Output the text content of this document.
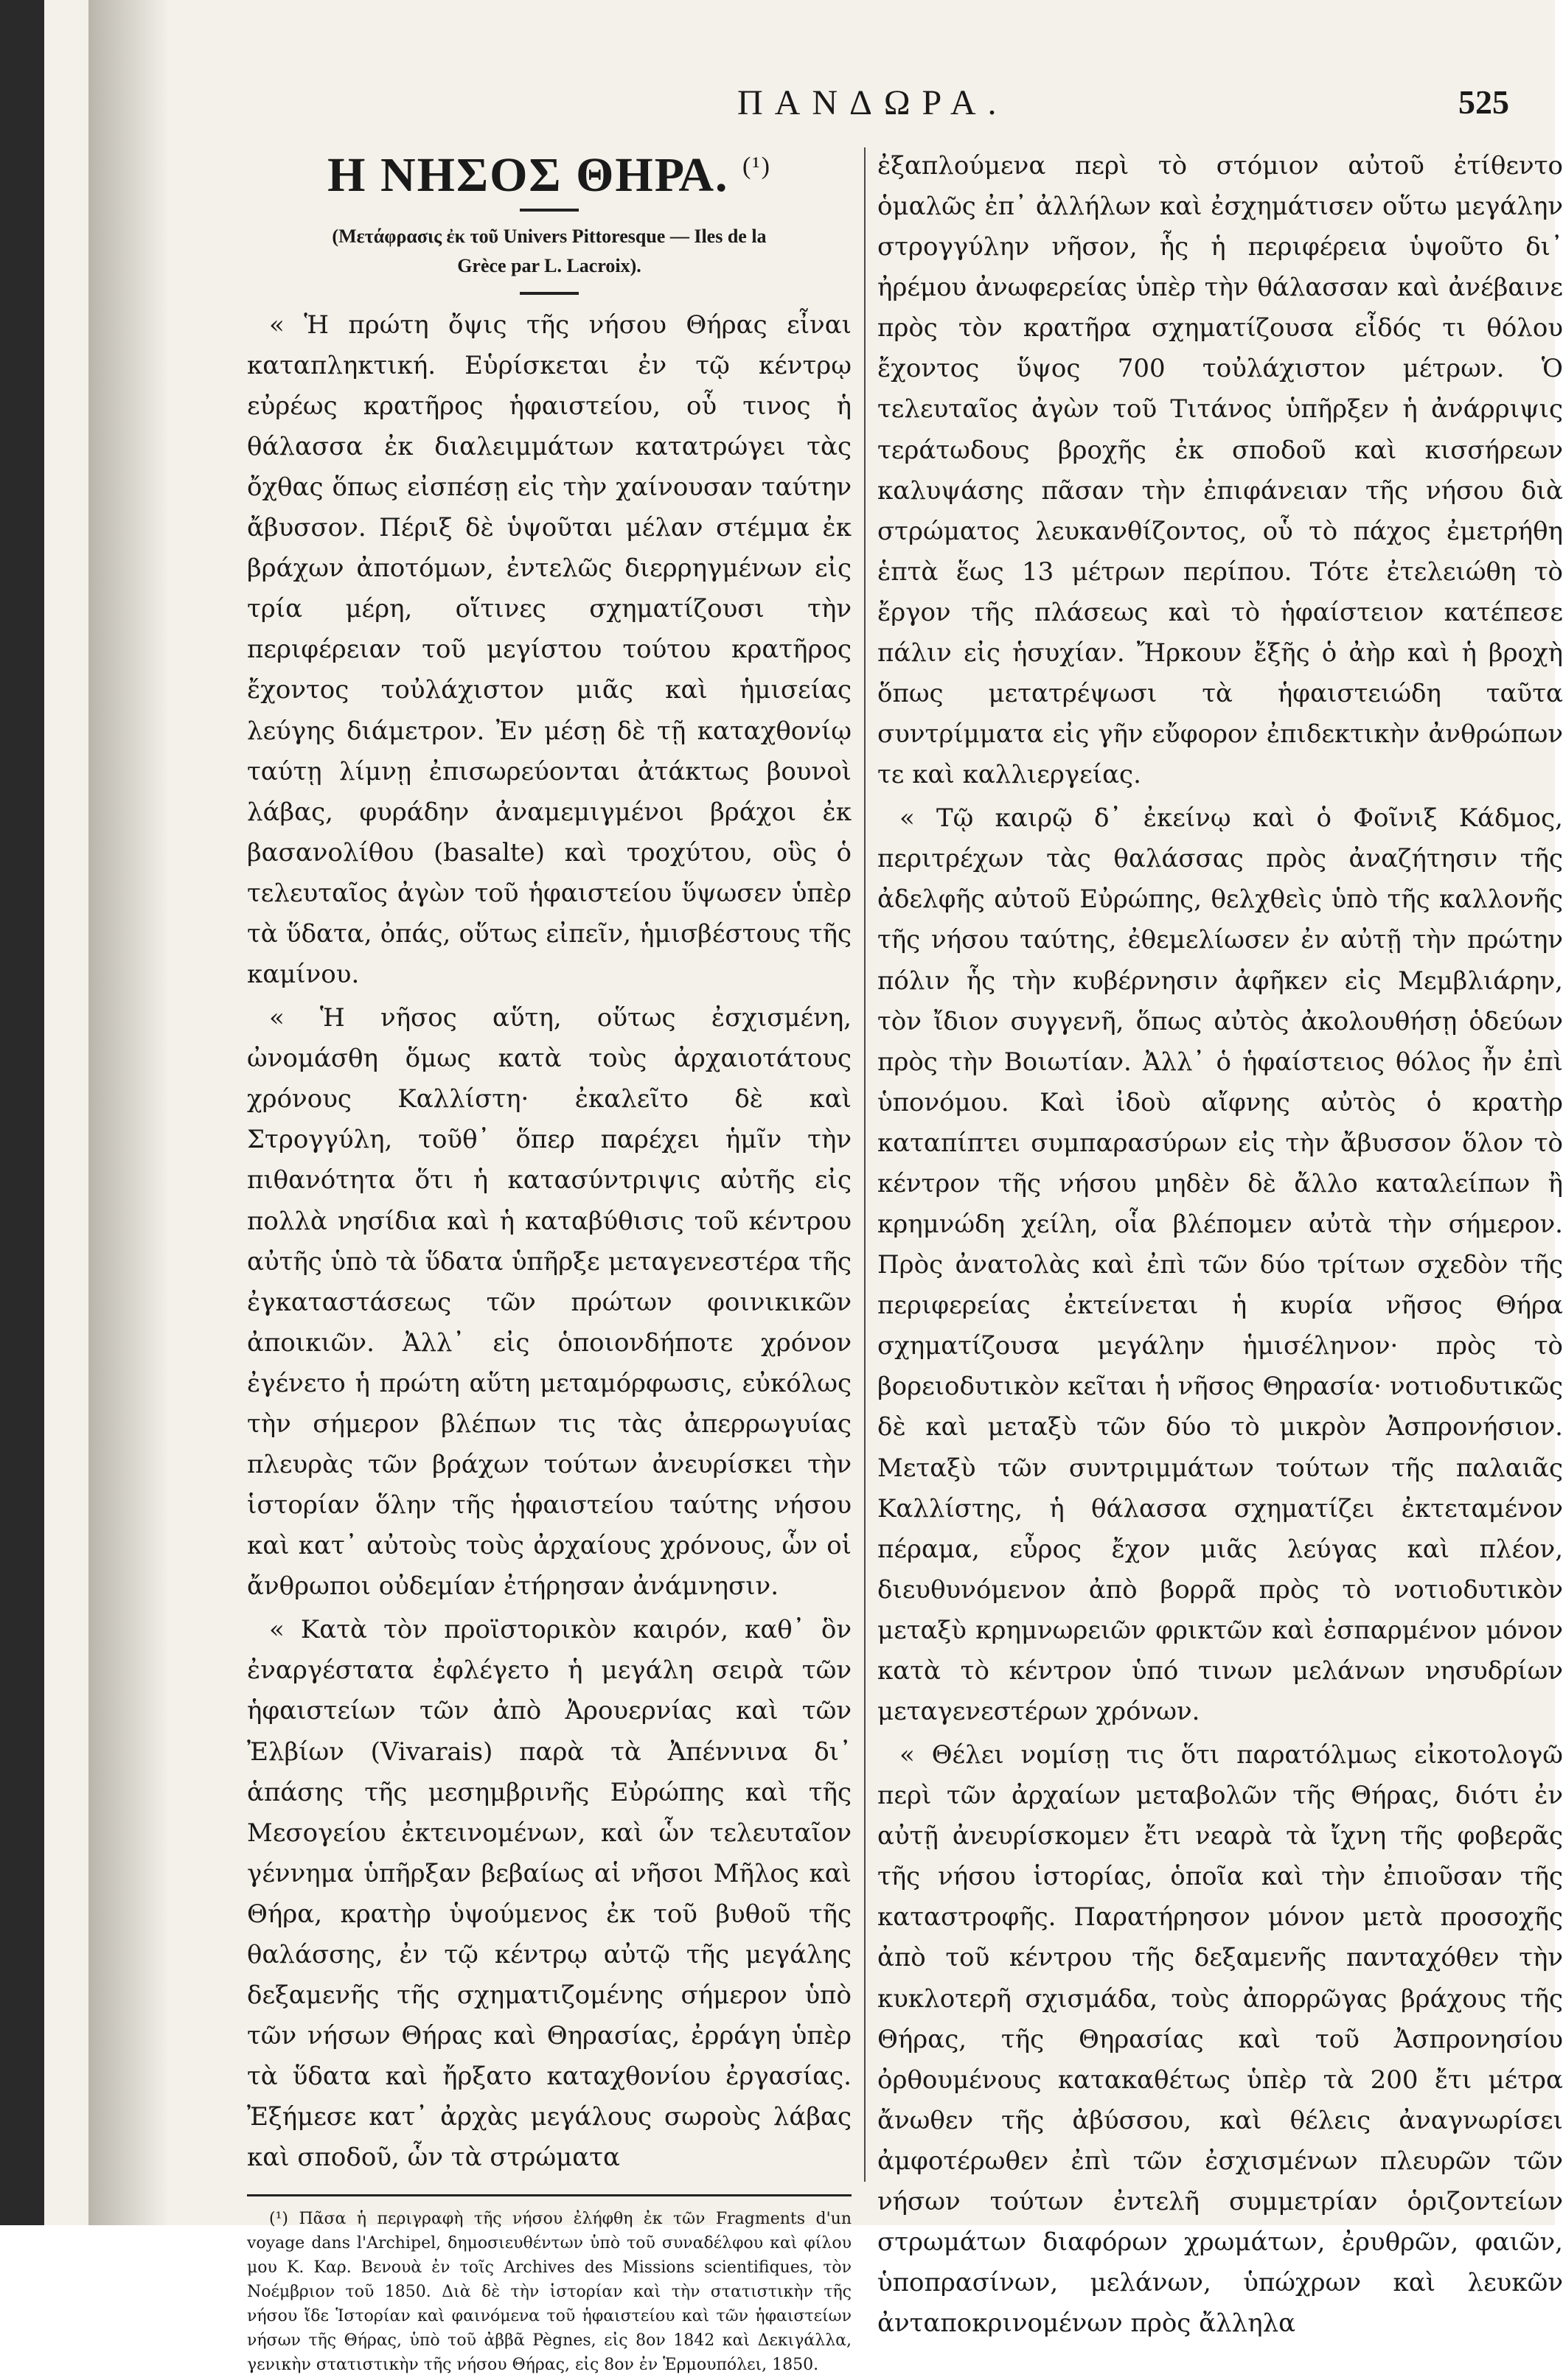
ΠΑΝΔΩΡΑ.	525
Η ΝΗΣΟΣ ΘΗΡΑ. $^{(^1)}$
(Μετάφρασις ἐκ τοῦ Univers Pittoresque — Iles de la
Grèce par L. Lacroix).

« Ἡ πρώτη ὄψις τῆς νήσου Θήρας εἶναι καταπληκτική. Εὑρίσκεται ἐν τῷ κέντρῳ εὐρέως κρατῆρος ἡφαιστείου, οὗ τινος ἡ θάλασσα ἐκ διαλειμμάτων κατατρώγει τὰς ὄχθας ὅπως εἰσπέσῃ εἰς τὴν χαίνουσαν ταύτην ἄβυσσον. Πέριξ δὲ ὑψοῦται μέλαν στέμμα ἐκ βράχων ἀποτόμων, ἐντελῶς διερρηγμένων εἰς τρία μέρη, οἵτινες σχηματίζουσι τὴν περιφέρειαν τοῦ μεγίστου τούτου κρατῆρος ἔχοντος τοὐλάχιστον μιᾶς καὶ ἡμισείας λεύγης διάμετρον. Ἐν μέσῃ δὲ τῇ καταχθονίῳ ταύτῃ λίμνῃ ἐπισωρεύονται ἀτάκτως βουνοὶ λάβας, φυράδην ἀναμεμιγμένοι βράχοι ἐκ βασανολίθου (basalte) καὶ τροχύτου, οὓς ὁ τελευταῖος ἀγὼν τοῦ ἡφαιστείου ὕψωσεν ὑπὲρ τὰ ὕδατα, ὀπάς, οὕτως εἰπεῖν, ἡμισβέστους τῆς καμίνου.

« Ἡ νῆσος αὕτη, οὕτως ἐσχισμένη, ὠνομάσθη ὅμως κατὰ τοὺς ἀρχαιοτάτους χρόνους Καλλίστη· ἐκαλεῖτο δὲ καὶ Στρογγύλη, τοῦθ᾽ ὅπερ παρέχει ἡμῖν τὴν πιθανότητα ὅτι ἡ κατασύντριψις αὐτῆς εἰς πολλὰ νησίδια καὶ ἡ καταβύθισις τοῦ κέντρου αὐτῆς ὑπὸ τὰ ὕδατα ὑπῆρξε μεταγενεστέρα τῆς ἐγκαταστάσεως τῶν πρώτων φοινικικῶν ἀποικιῶν. Ἀλλ᾽ εἰς ὁποιονδήποτε χρόνον ἐγένετο ἡ πρώτη αὕτη μεταμόρφωσις, εὐκόλως τὴν σήμερον βλέπων τις τὰς ἀπερρωγυίας πλευρὰς τῶν βράχων τούτων ἀνευρίσκει τὴν ἱστορίαν ὅλην τῆς ἡφαιστείου ταύτης νήσου καὶ κατ᾽ αὐτοὺς τοὺς ἀρχαίους χρόνους, ὧν οἱ ἄνθρωποι οὐδεμίαν ἐτήρησαν ἀνάμνησιν.

« Κατὰ τὸν προϊστορικὸν καιρόν, καθ᾽ ὃν ἐναργέστατα ἐφλέγετο ἡ μεγάλη σειρὰ τῶν ἡφαιστείων τῶν ἀπὸ Ἀρουερνίας καὶ τῶν Ἐλβίων (Vivarais) παρὰ τὰ Ἀπέννινα δι᾽ ἁπάσης τῆς μεσημβρινῆς Εὐρώπης καὶ τῆς Μεσογείου ἐκτεινομένων, καὶ ὧν τελευταῖον γέννημα ὑπῆρξαν βεβαίως αἱ νῆσοι Μῆλος καὶ Θήρα, κρατὴρ ὑψούμενος ἐκ τοῦ βυθοῦ τῆς θαλάσσης, ἐν τῷ κέντρῳ αὐτῷ τῆς μεγάλης δεξαμενῆς τῆς σχηματιζομένης σήμερον ὑπὸ τῶν νήσων Θήρας καὶ Θηρασίας, ἐρράγη ὑπὲρ τὰ ὕδατα καὶ ἤρξατο καταχθονίου ἐργασίας. Ἐξήμεσε κατ᾽ ἀρχὰς μεγάλους σωροὺς λάβας καὶ σποδοῦ, ὧν τὰ στρώματα

(¹) Πᾶσα ἡ περιγραφὴ τῆς νήσου ἐλήφθη ἐκ τῶν Fragments d'un voyage dans l'Archipel, δημοσιευθέντων ὑπὸ τοῦ συναδέλφου καὶ φίλου μου Κ. Καρ. Βενουὰ ἐν τοῖς Archives des Missions scientifiques, τὸν Νοέμβριον τοῦ 1850. Διὰ δὲ τὴν ἱστορίαν καὶ τὴν στατιστικὴν τῆς νήσου ἴδε Ἱστορίαν καὶ φαινόμενα τοῦ ἡφαιστείου καὶ τῶν ἡφαιστείων νήσων τῆς Θήρας, ὑπὸ τοῦ ἀββᾶ Pègnes, εἰς 8ον 1842 καὶ Δεκιγάλλα, γενικὴν στατιστικὴν τῆς νήσου Θήρας, εἰς 8ον ἐν Ἑρμουπόλει, 1850.

ἐξαπλούμενα περὶ τὸ στόμιον αὐτοῦ ἐτίθεντο ὁμαλῶς ἐπ᾽ ἀλλήλων καὶ ἐσχημάτισεν οὕτω μεγάλην στρογγύλην νῆσον, ἧς ἡ περιφέρεια ὑψοῦτο δι᾽ ἠρέμου ἀνωφερείας ὑπὲρ τὴν θάλασσαν καὶ ἀνέβαινε πρὸς τὸν κρατῆρα σχηματίζουσα εἶδός τι θόλου ἔχοντος ὕψος 700 τοὐλάχιστον μέτρων. Ὁ τελευταῖος ἀγὼν τοῦ Τιτάνος ὑπῆρξεν ἡ ἀνάρριψις τεράτωδους βροχῆς ἐκ σποδοῦ καὶ κισσήρεων καλυψάσης πᾶσαν τὴν ἐπιφάνειαν τῆς νήσου διὰ στρώματος λευκανθίζοντος, οὗ τὸ πάχος ἐμετρήθη ἑπτὰ ἕως 13 μέτρων περίπου. Τότε ἐτελειώθη τὸ ἔργον τῆς πλάσεως καὶ τὸ ἡφαίστειον κατέπεσε πάλιν εἰς ἡσυχίαν. Ἤρκουν ἔξῆς ὁ ἀὴρ καὶ ἡ βροχὴ ὅπως μετατρέψωσι τὰ ἡφαιστειώδη ταῦτα συντρίμματα εἰς γῆν εὔφορον ἐπιδεκτικὴν ἀνθρώπων τε καὶ καλλιεργείας.

« Τῷ καιρῷ δ᾽ ἐκείνῳ καὶ ὁ Φοῖνιξ Κάδμος, περιτρέχων τὰς θαλάσσας πρὸς ἀναζήτησιν τῆς ἀδελφῆς αὐτοῦ Εὐρώπης, θελχθεὶς ὑπὸ τῆς καλλονῆς τῆς νήσου ταύτης, ἐθεμελίωσεν ἐν αὐτῇ τὴν πρώτην πόλιν ἧς τὴν κυβέρνησιν ἀφῆκεν εἰς Μεμβλιάρην, τὸν ἴδιον συγγενῆ, ὅπως αὐτὸς ἀκολουθήσῃ ὁδεύων πρὸς τὴν Βοιωτίαν. Ἀλλ᾽ ὁ ἡφαίστειος θόλος ἦν ἐπὶ ὑπονόμου. Καὶ ἰδοὺ αἴφνης αὐτὸς ὁ κρατὴρ καταπίπτει συμπαρασύρων εἰς τὴν ἄβυσσον ὅλον τὸ κέντρον τῆς νήσου μηδὲν δὲ ἄλλο καταλείπων ἢ κρημνώδη χείλη, οἷα βλέπομεν αὐτὰ τὴν σήμερον. Πρὸς ἀνατολὰς καὶ ἐπὶ τῶν δύο τρίτων σχεδὸν τῆς περιφερείας ἐκτείνεται ἡ κυρία νῆσος Θήρα σχηματίζουσα μεγάλην ἡμισέληνον· πρὸς τὸ βορειοδυτικὸν κεῖται ἡ νῆσος Θηρασία· νοτιοδυτικῶς δὲ καὶ μεταξὺ τῶν δύο τὸ μικρὸν Ἀσπρονήσιον. Μεταξὺ τῶν συντριμμάτων τούτων τῆς παλαιᾶς Καλλίστης, ἡ θάλασσα σχηματίζει ἐκτεταμένον πέραμα, εὖρος ἔχον μιᾶς λεύγας καὶ πλέον, διευθυνόμενον ἀπὸ βορρᾶ πρὸς τὸ νοτιοδυτικὸν μεταξὺ κρημνωρειῶν φρικτῶν καὶ ἐσπαρμένον μόνον κατὰ τὸ κέντρον ὑπό τινων μελάνων νησυδρίων μεταγενεστέρων χρόνων.

« Θέλει νομίσῃ τις ὅτι παρατόλμως εἰκοτολογῶ περὶ τῶν ἀρχαίων μεταβολῶν τῆς Θήρας, διότι ἐν αὐτῇ ἀνευρίσκομεν ἔτι νεαρὰ τὰ ἴχνη τῆς φοβερᾶς τῆς νήσου ἱστορίας, ὁποῖα καὶ τὴν ἐπιοῦσαν τῆς καταστροφῆς. Παρατήρησον μόνον μετὰ προσοχῆς ἀπὸ τοῦ κέντρου τῆς δεξαμενῆς πανταχόθεν τὴν κυκλοτερῆ σχισμάδα, τοὺς ἀπορρῶγας βράχους τῆς Θήρας, τῆς Θηρασίας καὶ τοῦ Ἀσπρονησίου ὀρθουμένους κατακαθέτως ὑπὲρ τὰ 200 ἔτι μέτρα ἄνωθεν τῆς ἀβύσσου, καὶ θέλεις ἀναγνωρίσει ἀμφοτέρωθεν ἐπὶ τῶν ἐσχισμένων πλευρῶν τῶν νήσων τούτων ἐντελῆ συμμετρίαν ὁριζοντείων στρωμάτων διαφόρων χρωμάτων, ἐρυθρῶν, φαιῶν, ὑποπρασίνων, μελάνων, ὑπώχρων καὶ λευκῶν ἀνταποκρινομένων πρὸς ἄλληλα
